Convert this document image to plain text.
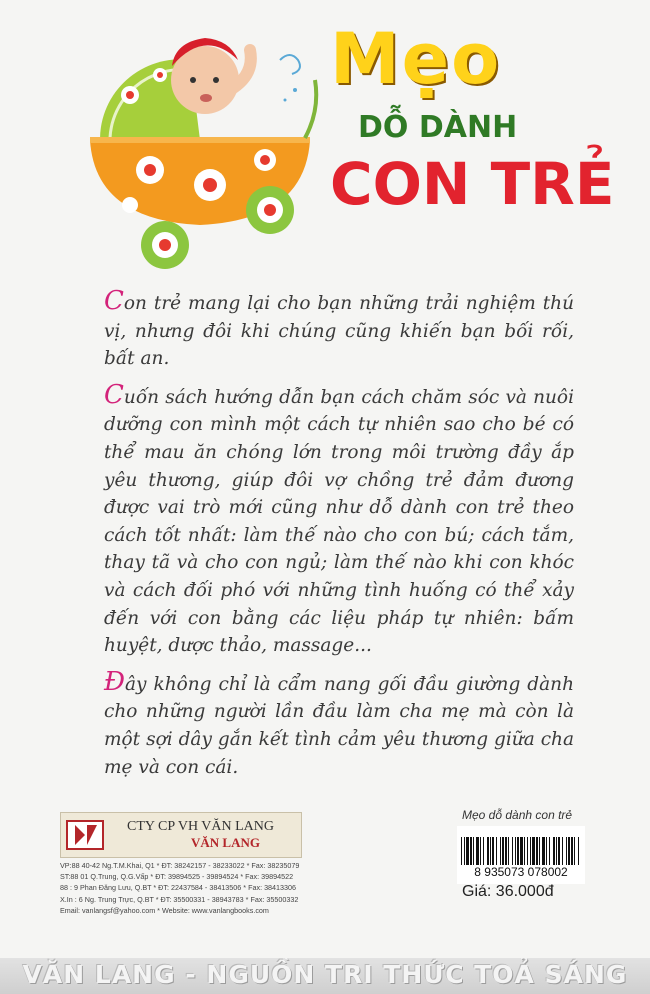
Mẹo
DỖ DÀNH
CON TRẺ

Con trẻ mang lại cho bạn những trải nghiệm thú vị, nhưng đôi khi chúng cũng khiến bạn bối rối, bất an.

Cuốn sách hướng dẫn bạn cách chăm sóc và nuôi dưỡng con mình một cách tự nhiên sao cho bé có thể mau ăn chóng lớn trong môi trường đầy ắp yêu thương, giúp đôi vợ chồng trẻ đảm đương được vai trò mới cũng như dỗ dành con trẻ theo cách tốt nhất: làm thế nào cho con bú; cách tắm, thay tã và cho con ngủ; làm thế nào khi con khóc và cách đối phó với những tình huống có thể xảy đến với con bằng các liệu pháp tự nhiên: bấm huyệt, dược thảo, massage...

Đây không chỉ là cẩm nang gối đầu giường dành cho những người lần đầu làm cha mẹ mà còn là một sợi dây gắn kết tình cảm yêu thương giữa cha mẹ và con cái.

CTY CP VH VĂN LANG
VĂN LANG
VP:88 40-42 Ng.T.M.Khai, Q1 * ĐT: 38242157 - 38233022 * Fax: 38235079
ST:88 01 Q.Trung, Q.G.Vấp * ĐT: 39894525 - 39894524 * Fax: 39894522
88 : 9 Phan Đăng Lưu, Q.BT * ĐT: 22437584 - 38413506 * Fax: 38413306
X.In : 6 Ng. Trung Trực, Q.BT * ĐT: 35500331 - 38943783 * Fax: 35500332
Email: vanlangsf@yahoo.com * Website: www.vanlangbooks.com
Mẹo dỗ dành con trẻ
8 935073 078002
Giá: 36.000đ
VĂN LANG - NGUỒN TRI THỨC TOẢ SÁNG
